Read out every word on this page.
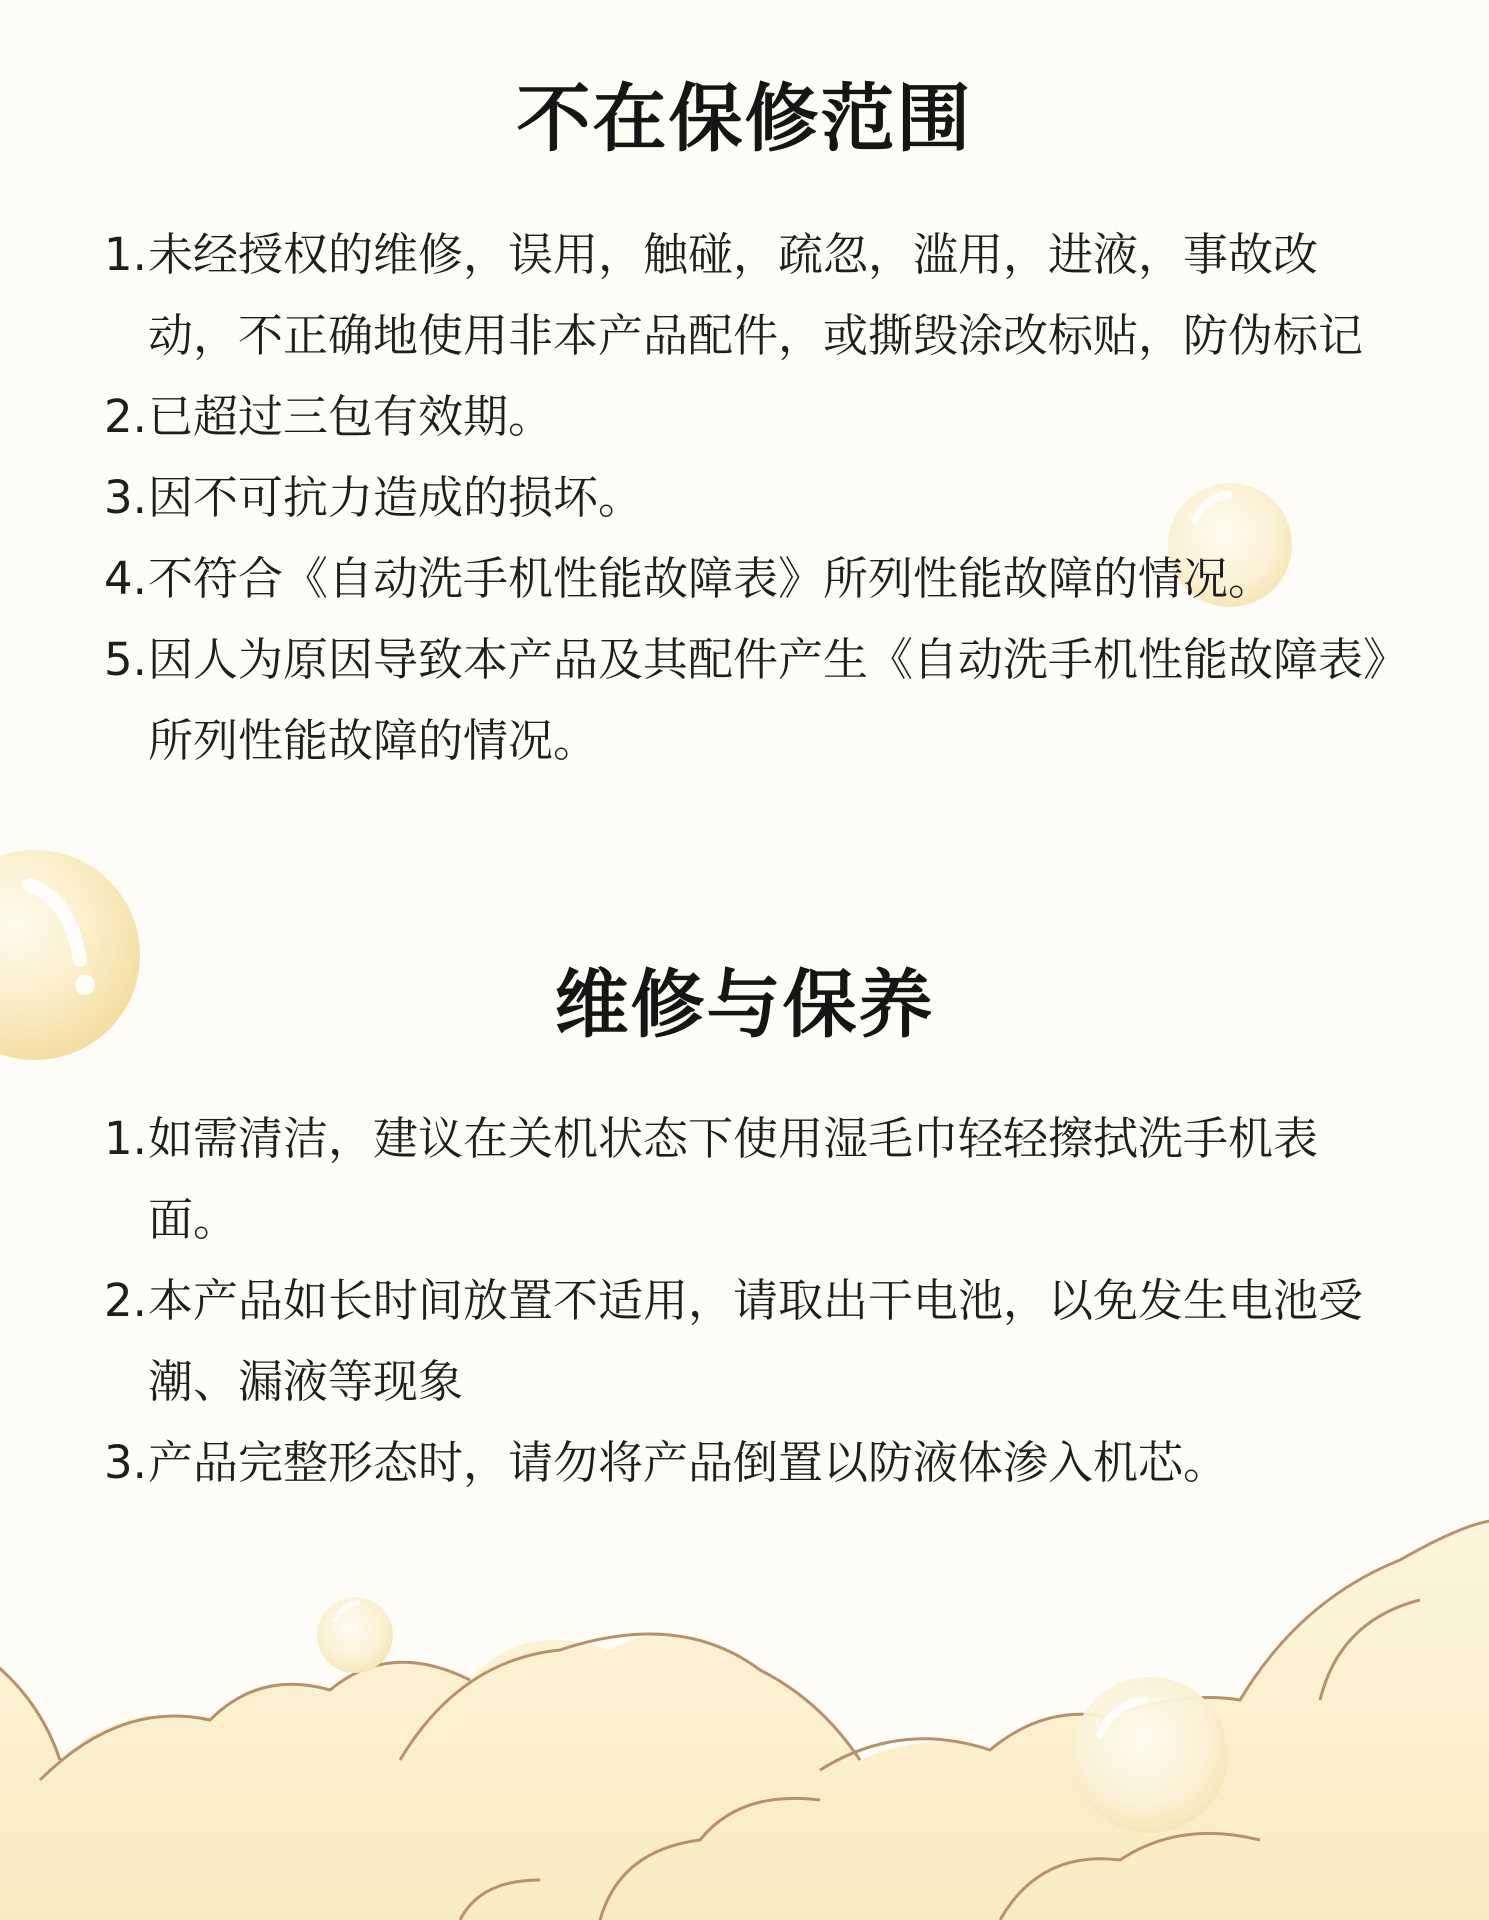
不在保修范围
1.未经授权的维修，误用，触碰，疏忽，滥用，进液，事故改动，不正确地使用非本产品配件，或撕毁涂改标贴，防伪标记
2.已超过三包有效期。
3.因不可抗力造成的损坏。
4.不符合《自动洗手机性能故障表》所列性能故障的情况。
5.因人为原因导致本产品及其配件产生《自动洗手机性能故障表》所列性能故障的情况。
维修与保养
1.如需清洁，建议在关机状态下使用湿毛巾轻轻擦拭洗手机表面。
2.本产品如长时间放置不适用，请取出干电池，以免发生电池受潮、漏液等现象
3.产品完整形态时，请勿将产品倒置以防液体渗入机芯。
